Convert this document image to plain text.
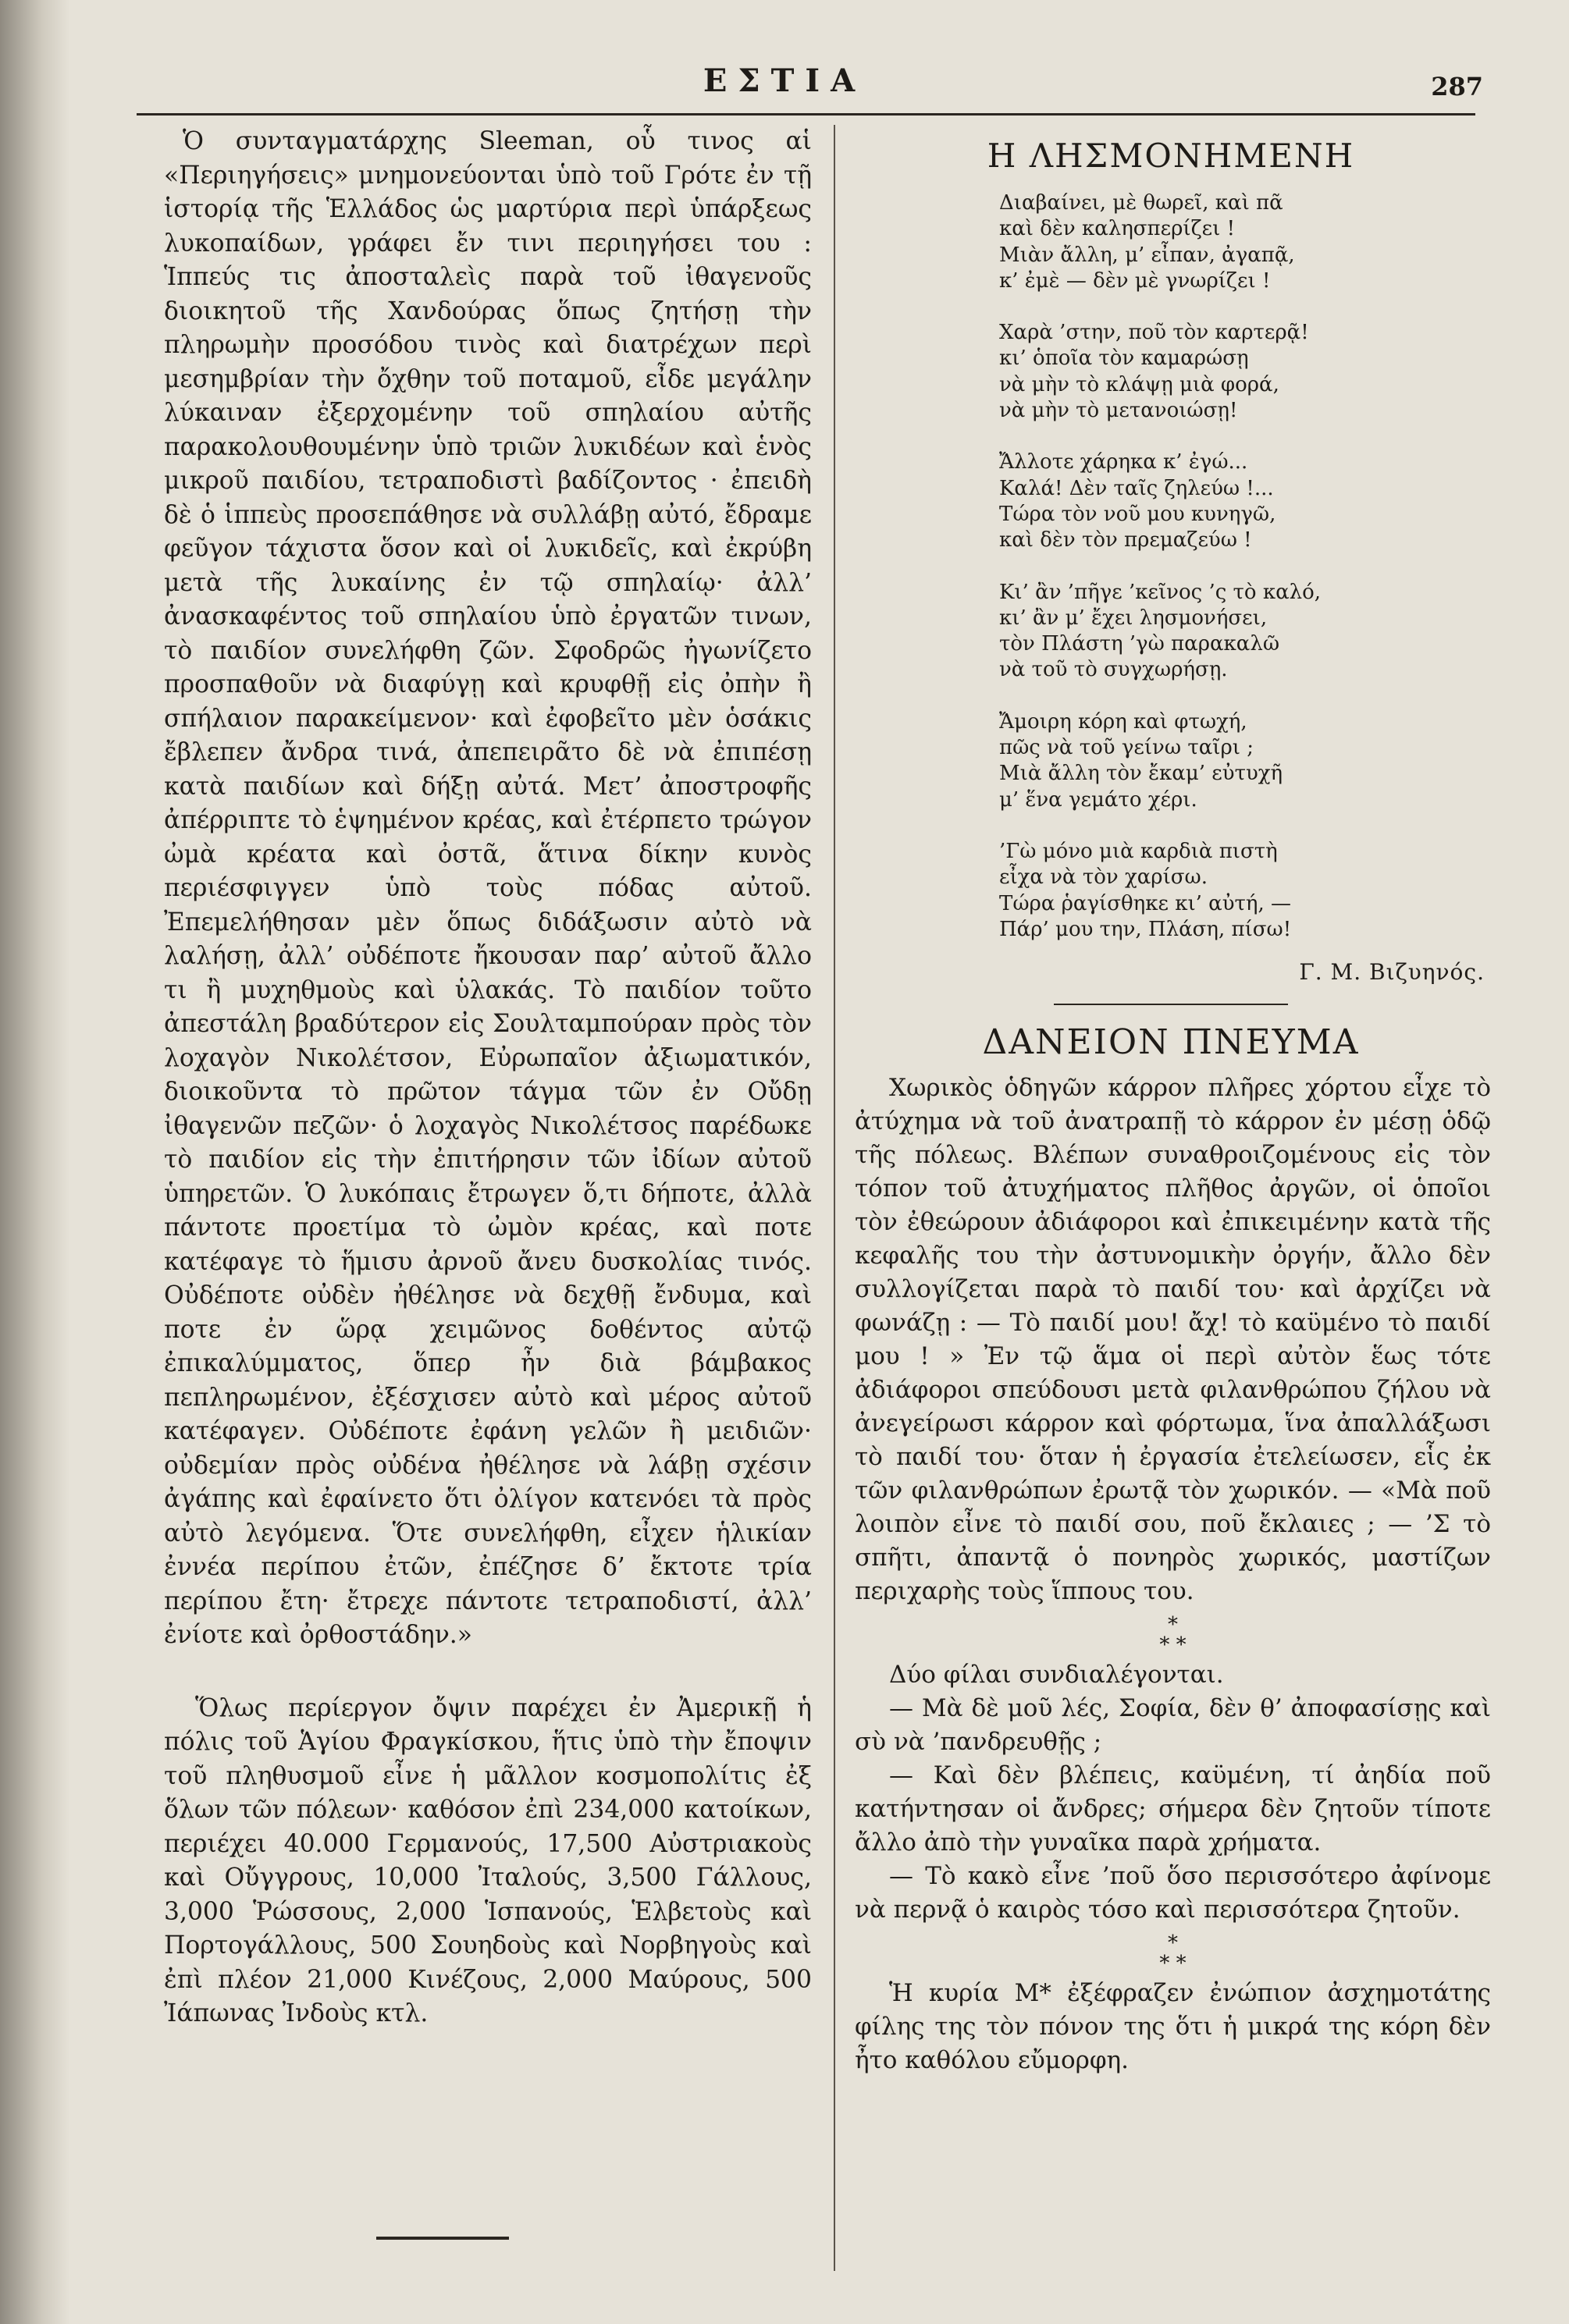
ΕΣΤΙΑ	287

Ὁ συνταγματάρχης Sleeman, οὗ τινος αἱ «Περιηγήσεις» μνημονεύονται ὑπὸ τοῦ Γρότε ἐν τῇ ἱστορίᾳ τῆς Ἑλλάδος ὡς μαρτύρια περὶ ὑπάρξεως λυκοπαίδων, γράφει ἔν τινι περιηγήσει του : Ἱππεύς τις ἀποσταλεὶς παρὰ τοῦ ἰθαγενοῦς διοικητοῦ τῆς Χανδούρας ὅπως ζητήσῃ τὴν πληρωμὴν προσόδου τινὸς καὶ διατρέχων περὶ μεσημβρίαν τὴν ὄχθην τοῦ ποταμοῦ, εἶδε μεγάλην λύκαιναν ἐξερχομένην τοῦ σπηλαίου αὐτῆς παρακολουθουμένην ὑπὸ τριῶν λυκιδέων καὶ ἑνὸς μικροῦ παιδίου, τετραποδιστὶ βαδίζοντος · ἐπειδὴ δὲ ὁ ἱππεὺς προσεπάθησε νὰ συλλάβῃ αὐτό, ἔδραμε φεῦγον τάχιστα ὅσον καὶ οἱ λυκιδεῖς, καὶ ἐκρύβη μετὰ τῆς λυκαίνης ἐν τῷ σπηλαίῳ· ἀλλ’ ἀνασκαφέντος τοῦ σπηλαίου ὑπὸ ἐργατῶν τινων, τὸ παιδίον συνελήφθη ζῶν. Σφοδρῶς ἠγωνίζετο προσπαθοῦν νὰ διαφύγῃ καὶ κρυφθῇ εἰς ὀπὴν ἢ σπήλαιον παρακείμενον· καὶ ἐφοβεῖτο μὲν ὁσάκις ἔβλεπεν ἄνδρα τινά, ἀπεπειρᾶτο δὲ νὰ ἐπιπέσῃ κατὰ παιδίων καὶ δήξῃ αὐτά. Μετ’ ἀποστροφῆς ἀπέρριπτε τὸ ἑψημένον κρέας, καὶ ἐτέρπετο τρώγον ὠμὰ κρέατα καὶ ὀστᾶ, ἅτινα δίκην κυνὸς περιέσφιγγεν ὑπὸ τοὺς πόδας αὐτοῦ. Ἐπεμελήθησαν μὲν ὅπως διδάξωσιν αὐτὸ νὰ λαλήσῃ, ἀλλ’ οὐδέποτε ἤκουσαν παρ’ αὐτοῦ ἄλλο τι ἢ μυχηθμοὺς καὶ ὑλακάς. Τὸ παιδίον τοῦτο ἀπεστάλη βραδύτερον εἰς Σουλταμπούραν πρὸς τὸν λοχαγὸν Νικολέτσον, Εὐρωπαῖον ἀξιωματικόν, διοικοῦντα τὸ πρῶτον τάγμα τῶν ἐν Οὔδῃ ἰθαγενῶν πεζῶν· ὁ λοχαγὸς Νικολέτσος παρέδωκε τὸ παιδίον εἰς τὴν ἐπιτήρησιν τῶν ἰδίων αὐτοῦ ὑπηρετῶν. Ὁ λυκόπαις ἔτρωγεν ὅ,τι δήποτε, ἀλλὰ πάντοτε προετίμα τὸ ὠμὸν κρέας, καὶ ποτε κατέφαγε τὸ ἥμισυ ἀρνοῦ ἄνευ δυσκολίας τινός. Οὐδέποτε οὐδὲν ἠθέλησε νὰ δεχθῇ ἔνδυμα, καὶ ποτε ἐν ὥρᾳ χειμῶνος δοθέντος αὐτῷ ἐπικαλύμματος, ὅπερ ἦν διὰ βάμβακος πεπληρωμένον, ἐξέσχισεν αὐτὸ καὶ μέρος αὐτοῦ κατέφαγεν. Οὐδέποτε ἐφάνη γελῶν ἢ μειδιῶν· οὐδεμίαν πρὸς οὐδένα ἠθέλησε νὰ λάβῃ σχέσιν ἀγάπης καὶ ἐφαίνετο ὅτι ὀλίγον κατενόει τὰ πρὸς αὐτὸ λεγόμενα. Ὅτε συνελήφθη, εἶχεν ἡλικίαν ἐννέα περίπου ἐτῶν, ἐπέζησε δ’ ἔκτοτε τρία περίπου ἔτη· ἔτρεχε πάντοτε τετραποδιστί, ἀλλ’ ἐνίοτε καὶ ὀρθοστάδην.»

Ὅλως περίεργον ὄψιν παρέχει ἐν Ἀμερικῇ ἡ πόλις τοῦ Ἁγίου Φραγκίσκου, ἥτις ὑπὸ τὴν ἔποψιν τοῦ πληθυσμοῦ εἶνε ἡ μᾶλλον κοσμοπολίτις ἐξ ὅλων τῶν πόλεων· καθόσον ἐπὶ 234,000 κατοίκων, περιέχει 40.000 Γερμανούς, 17,500 Αὐστριακοὺς καὶ Οὔγγρους, 10,000 Ἰταλούς, 3,500 Γάλλους, 3,000 Ῥώσσους, 2,000 Ἱσπανούς, Ἑλβετοὺς καὶ Πορτογάλλους, 500 Σουηδοὺς καὶ Νορβηγοὺς καὶ ἐπὶ πλέον 21,000 Κινέζους, 2,000 Μαύρους, 500 Ἰάπωνας Ἰνδοὺς κτλ.

Η ΛΗΣΜΟΝΗΜΕΝΗ
Διαβαίνει, μὲ θωρεῖ, καὶ πᾶ
καὶ δὲν καλησπερίζει !
Μιὰν ἄλλη, μ’ εἶπαν, ἀγαπᾷ,
κ’ ἐμὲ — δὲν μὲ γνωρίζει !
Χαρὰ ’στην, ποῦ τὸν καρτερᾷ!
κι’ ὁποῖα τὸν καμαρώσῃ
νὰ μὴν τὸ κλάψῃ μιὰ φορά,
νὰ μὴν τὸ μετανοιώσῃ!
Ἄλλοτε χάρηκα κ’ ἐγώ...
Καλά! Δὲν ταῖς ζηλεύω !...
Τώρα τὸν νοῦ μου κυνηγῶ,
καὶ δὲν τὸν πρεμαζεύω !
Κι’ ἂν ’πῆγε ’κεῖνος ’ς τὸ καλό,
κι’ ἂν μ’ ἔχει λησμονήσει,
τὸν Πλάστη ’γὼ παρακαλῶ
νὰ τοῦ τὸ συγχωρήσῃ.
Ἄμοιρη κόρη καὶ φτωχή,
πῶς νὰ τοῦ γείνω ταῖρι ;
Μιὰ ἄλλη τὸν ἔκαμ’ εὐτυχῆ
μ’ ἕνα γεμάτο χέρι.
’Γὼ μόνο μιὰ καρδιὰ πιστὴ
εἶχα νὰ τὸν χαρίσω.
Τώρα ῥαγίσθηκε κι’ αὐτή, —
Πάρ’ μου την, Πλάση, πίσω!
Γ. Μ. Βιζυηνός.
ΔΑΝΕΙΟΝ ΠΝΕΥΜΑ

Χωρικὸς ὁδηγῶν κάρρον πλῆρες χόρτου εἶχε τὸ ἀτύχημα νὰ τοῦ ἀνατραπῇ τὸ κάρρον ἐν μέσῃ ὁδῷ τῆς πόλεως. Βλέπων συναθροιζομένους εἰς τὸν τόπον τοῦ ἀτυχήματος πλῆθος ἀργῶν, οἱ ὁποῖοι τὸν ἐθεώρουν ἀδιάφοροι καὶ ἐπικειμένην κατὰ τῆς κεφαλῆς του τὴν ἀστυνομικὴν ὀργήν, ἄλλο δὲν συλλογίζεται παρὰ τὸ παιδί του· καὶ ἀρχίζει νὰ φωνάζῃ : — Τὸ παιδί μου! ἄχ! τὸ καϋμένο τὸ παιδί μου ! » Ἐν τῷ ἅμα οἱ περὶ αὐτὸν ἕως τότε ἀδιάφοροι σπεύδουσι μετὰ φιλανθρώπου ζήλου νὰ ἀνεγείρωσι κάρρον καὶ φόρτωμα, ἵνα ἀπαλλάξωσι τὸ παιδί του· ὅταν ἡ ἐργασία ἐτελείωσεν, εἷς ἐκ τῶν φιλανθρώπων ἐρωτᾷ τὸν χωρικόν. — «Μὰ ποῦ λοιπὸν εἶνε τὸ παιδί σου, ποῦ ἔκλαιες ; — ’Σ τὸ σπῆτι, ἀπαντᾷ ὁ πονηρὸς χωρικός, μαστίζων περιχαρὴς τοὺς ἵππους του.

*
* *

Δύο φίλαι συνδιαλέγονται.

— Μὰ δὲ μοῦ λές, Σοφία, δὲν θ’ ἀποφασίσῃς καὶ σὺ νὰ ’πανδρευθῇς ;

— Καὶ δὲν βλέπεις, καϋμένη, τί ἀηδία ποῦ κατήντησαν οἱ ἄνδρες; σήμερα δὲν ζητοῦν τίποτε ἄλλο ἀπὸ τὴν γυναῖκα παρὰ χρήματα.

— Τὸ κακὸ εἶνε ’ποῦ ὅσο περισσότερο ἀφίνομε νὰ περνᾷ ὁ καιρὸς τόσο καὶ περισσότερα ζητοῦν.

*
* *

Ἡ κυρία Μ* ἐξέφραζεν ἐνώπιον ἀσχημοτάτης φίλης της τὸν πόνον της ὅτι ἡ μικρά της κόρη δὲν ἦτο καθόλου εὔμορφη.
